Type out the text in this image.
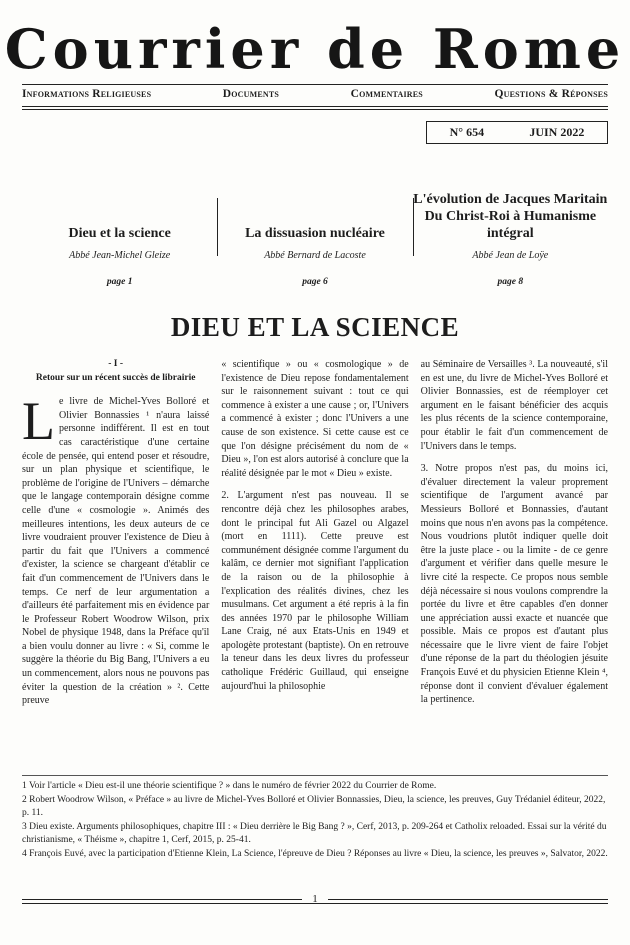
Courrier de Rome
Informations Religieuses	Documents	Commentaires	Questions & Réponses
N° 654	JUIN 2022
Dieu et la science
Abbé Jean-Michel Gleize
page 1
La dissuasion nucléaire
Abbé Bernard de Lacoste
page 6
L'évolution de Jacques Maritain Du Christ-Roi à Humanisme intégral
Abbé Jean de Loÿe
page 8
DIEU ET LA SCIENCE
- I -
Retour sur un récent succès de librairie

Le livre de Michel-Yves Bolloré et Olivier Bonnassies ¹ n'aura laissé personne indifférent. Il est en tout cas caractéristique d'une certaine école de pensée, qui entend poser et résoudre, sur un plan physique et scientifique, le problème de l'origine de l'Univers – démarche que le langage contemporain désigne comme celle d'une « cosmologie ». Animés des meilleures intentions, les deux auteurs de ce livre voudraient prouver l'existence de Dieu à partir du fait que l'Univers a commencé d'exister, la science se chargeant d'établir ce fait d'un commencement de l'Univers dans le temps. Ce nerf de leur argumentation a d'ailleurs été parfaitement mis en évidence par le Professeur Robert Woodrow Wilson, prix Nobel de physique 1948, dans la Préface qu'il a bien voulu donner au livre : « Si, comme le suggère la théorie du Big Bang, l'Univers a eu un commencement, alors nous ne pouvons pas éviter la question de la création » ². Cette preuve

« scientifique » ou « cosmologique » de l'existence de Dieu repose fondamentalement sur le raisonnement suivant : tout ce qui commence à exister a une cause ; or, l'Univers a commencé à exister ; donc l'Univers a une cause de son existence. Si cette cause est ce que l'on désigne précisément du nom de « Dieu », l'on est alors autorisé à conclure que la réalité désignée par le mot « Dieu » existe.

2. L'argument n'est pas nouveau. Il se rencontre déjà chez les philosophes arabes, dont le principal fut Ali Gazel ou Algazel (mort en 1111). Cette preuve est communément désignée comme l'argument du kalâm, ce dernier mot signifiant l'application de la raison ou de la philosophie à l'explication des réalités divines, chez les musulmans. Cet argument a été repris à la fin des années 1970 par le philosophe William Lane Craig, né aux Etats-Unis en 1949 et apologète protestant (baptiste). On en retrouve la teneur dans les deux livres du professeur catholique Frédéric Guillaud, qui enseigne aujourd'hui la philosophie

au Séminaire de Versailles ³. La nouveauté, s'il en est une, du livre de Michel-Yves Bolloré et Olivier Bonnassies, est de réemployer cet argument en le faisant bénéficier des acquis les plus récents de la science contemporaine, pour établir le fait d'un commencement de l'Univers dans le temps.

3. Notre propos n'est pas, du moins ici, d'évaluer directement la valeur proprement scientifique de l'argument avancé par Messieurs Bolloré et Bonnassies, d'autant moins que nous n'en avons pas la compétence. Nous voudrions plutôt indiquer quelle doit être la juste place - ou la limite - de ce genre d'argument et vérifier dans quelle mesure le livre cité la respecte. Ce propos nous semble déjà nécessaire si nous voulons comprendre la portée du livre et être capables d'en donner une appréciation aussi exacte et nuancée que possible. Mais ce propos est d'autant plus nécessaire que le livre vient de faire l'objet d'une réponse de la part du théologien jésuite François Euvé et du physicien Etienne Klein ⁴, réponse dont il convient d'évaluer également la pertinence.

1 Voir l'article « Dieu est-il une théorie scientifique ? » dans le numéro de février 2022 du Courrier de Rome.
2 Robert Woodrow Wilson, « Préface » au livre de Michel-Yves Bolloré et Olivier Bonnassies, Dieu, la science, les preuves, Guy Trédaniel éditeur, 2022, p. 11.
3 Dieu existe. Arguments philosophiques, chapitre III : « Dieu derrière le Big Bang ? », Cerf, 2013, p. 209-264 et Catholix reloaded. Essai sur la vérité du christianisme, « Théisme », chapitre 1, Cerf, 2015, p. 25-41.
4 François Euvé, avec la participation d'Etienne Klein, La Science, l'épreuve de Dieu ? Réponses au livre « Dieu, la science, les preuves », Salvator, 2022.
1
